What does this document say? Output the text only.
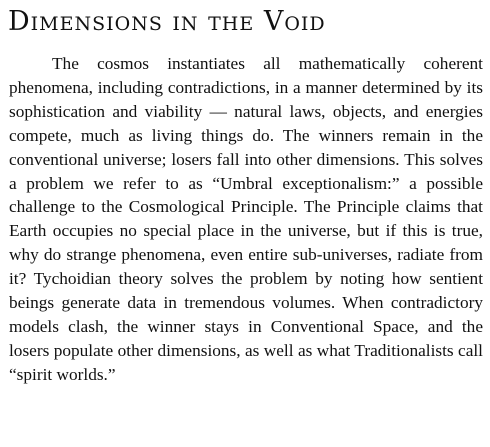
Dimensions in the Void

The cosmos instantiates all mathematically coherent phenomena, including contradictions, in a manner determined by its sophistication and viability — natural laws, objects, and energies compete, much as living things do. The winners remain in the conventional universe; losers fall into other dimensions. This solves a problem we refer to as “Umbral exceptionalism:” a possible challenge to the Cosmological Principle. The Principle claims that Earth occupies no special place in the universe, but if this is true, why do strange phenomena, even entire sub-universes, radiate from it? Tychoidian theory solves the problem by noting how sentient beings generate data in tremendous volumes. When contradictory models clash, the winner stays in Conventional Space, and the losers populate other dimensions, as well as what Traditionalists call “spirit worlds.”
